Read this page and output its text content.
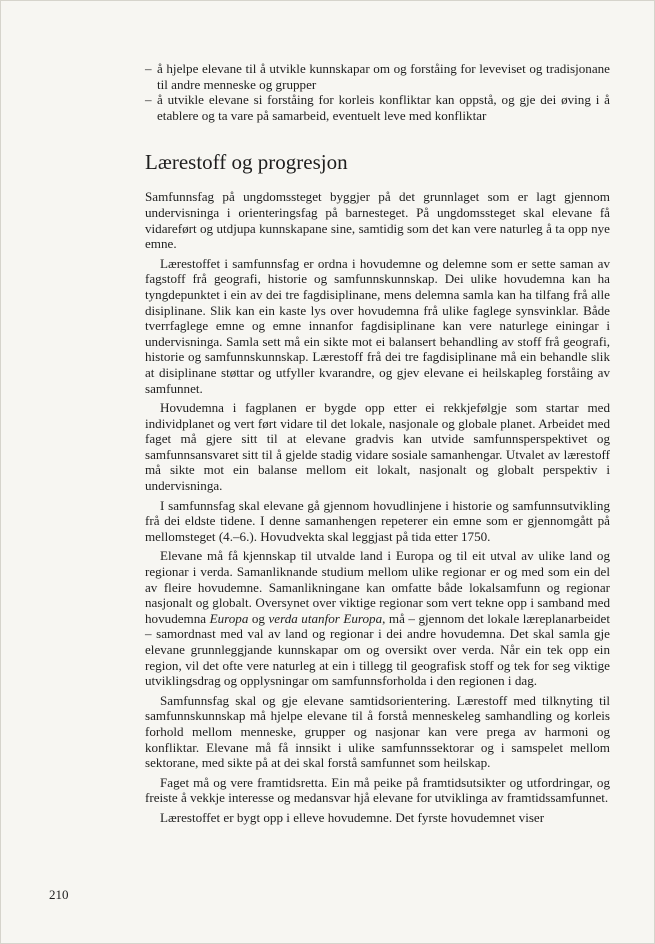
– å hjelpe elevane til å utvikle kunnskapar om og forståing for leveviset og tradisjonane til andre menneske og grupper
– å utvikle elevane si forståing for korleis konfliktar kan oppstå, og gje dei øving i å etablere og ta vare på samarbeid, eventuelt leve med konfliktar
Lærestoff og progresjon

Samfunnsfag på ungdomssteget byggjer på det grunnlaget som er lagt gjennom undervisninga i orienteringsfag på barnesteget. På ungdomssteget skal elevane få vidareført og utdjupa kunnskapane sine, samtidig som det kan vere naturleg å ta opp nye emne.

Lærestoffet i samfunnsfag er ordna i hovudemne og delemne som er sette saman av fagstoff frå geografi, historie og samfunnskunnskap. Dei ulike hovudemna kan ha tyngdepunktet i ein av dei tre fagdisiplinane, mens delemna samla kan ha tilfang frå alle disiplinane. Slik kan ein kaste lys over hovudemna frå ulike faglege synsvinklar. Både tverrfaglege emne og emne innanfor fagdisiplinane kan vere naturlege einingar i undervisninga. Samla sett må ein sikte mot ei balansert behandling av stoff frå geografi, historie og samfunnskunnskap. Lærestoff frå dei tre fagdisiplinane må ein behandle slik at disiplinane støttar og utfyller kvarandre, og gjev elevane ei heilskapleg forståing av samfunnet.

Hovudemna i fagplanen er bygde opp etter ei rekkjefølgje som startar med individplanet og vert ført vidare til det lokale, nasjonale og globale planet. Arbeidet med faget må gjere sitt til at elevane gradvis kan utvide samfunnsperspektivet og samfunnsansvaret sitt til å gjelde stadig vidare sosiale samanhengar. Utvalet av lærestoff må sikte mot ein balanse mellom eit lokalt, nasjonalt og globalt perspektiv i undervisninga.

I samfunnsfag skal elevane gå gjennom hovudlinjene i historie og samfunnsutvikling frå dei eldste tidene. I denne samanhengen repeterer ein emne som er gjennomgått på mellomsteget (4.–6.). Hovudvekta skal leggjast på tida etter 1750.

Elevane må få kjennskap til utvalde land i Europa og til eit utval av ulike land og regionar i verda. Samanliknande studium mellom ulike regionar er og med som ein del av fleire hovudemne. Samanlikningane kan omfatte både lokalsamfunn og regionar nasjonalt og globalt. Oversynet over viktige regionar som vert tekne opp i samband med hovudemna Europa og verda utanfor Europa, må – gjennom det lokale læreplanarbeidet – samordnast med val av land og regionar i dei andre hovudemna. Det skal samla gje elevane grunnleggjande kunnskapar om og oversikt over verda. Når ein tek opp ein region, vil det ofte vere naturleg at ein i tillegg til geografisk stoff og tek for seg viktige utviklingsdrag og opplysningar om samfunnsforholda i den regionen i dag.

Samfunnsfag skal og gje elevane samtidsorientering. Lærestoff med tilknyting til samfunnskunnskap må hjelpe elevane til å forstå menneskeleg samhandling og korleis forhold mellom menneske, grupper og nasjonar kan vere prega av harmoni og konfliktar. Elevane må få innsikt i ulike samfunnssektorar og i samspelet mellom sektorane, med sikte på at dei skal forstå samfunnet som heilskap.

Faget må og vere framtidsretta. Ein må peike på framtidsutsikter og utfordringar, og freiste å vekkje interesse og medansvar hjå elevane for utviklinga av framtidssamfunnet.

Lærestoffet er bygt opp i elleve hovudemne. Det fyrste hovudemnet viser

210
